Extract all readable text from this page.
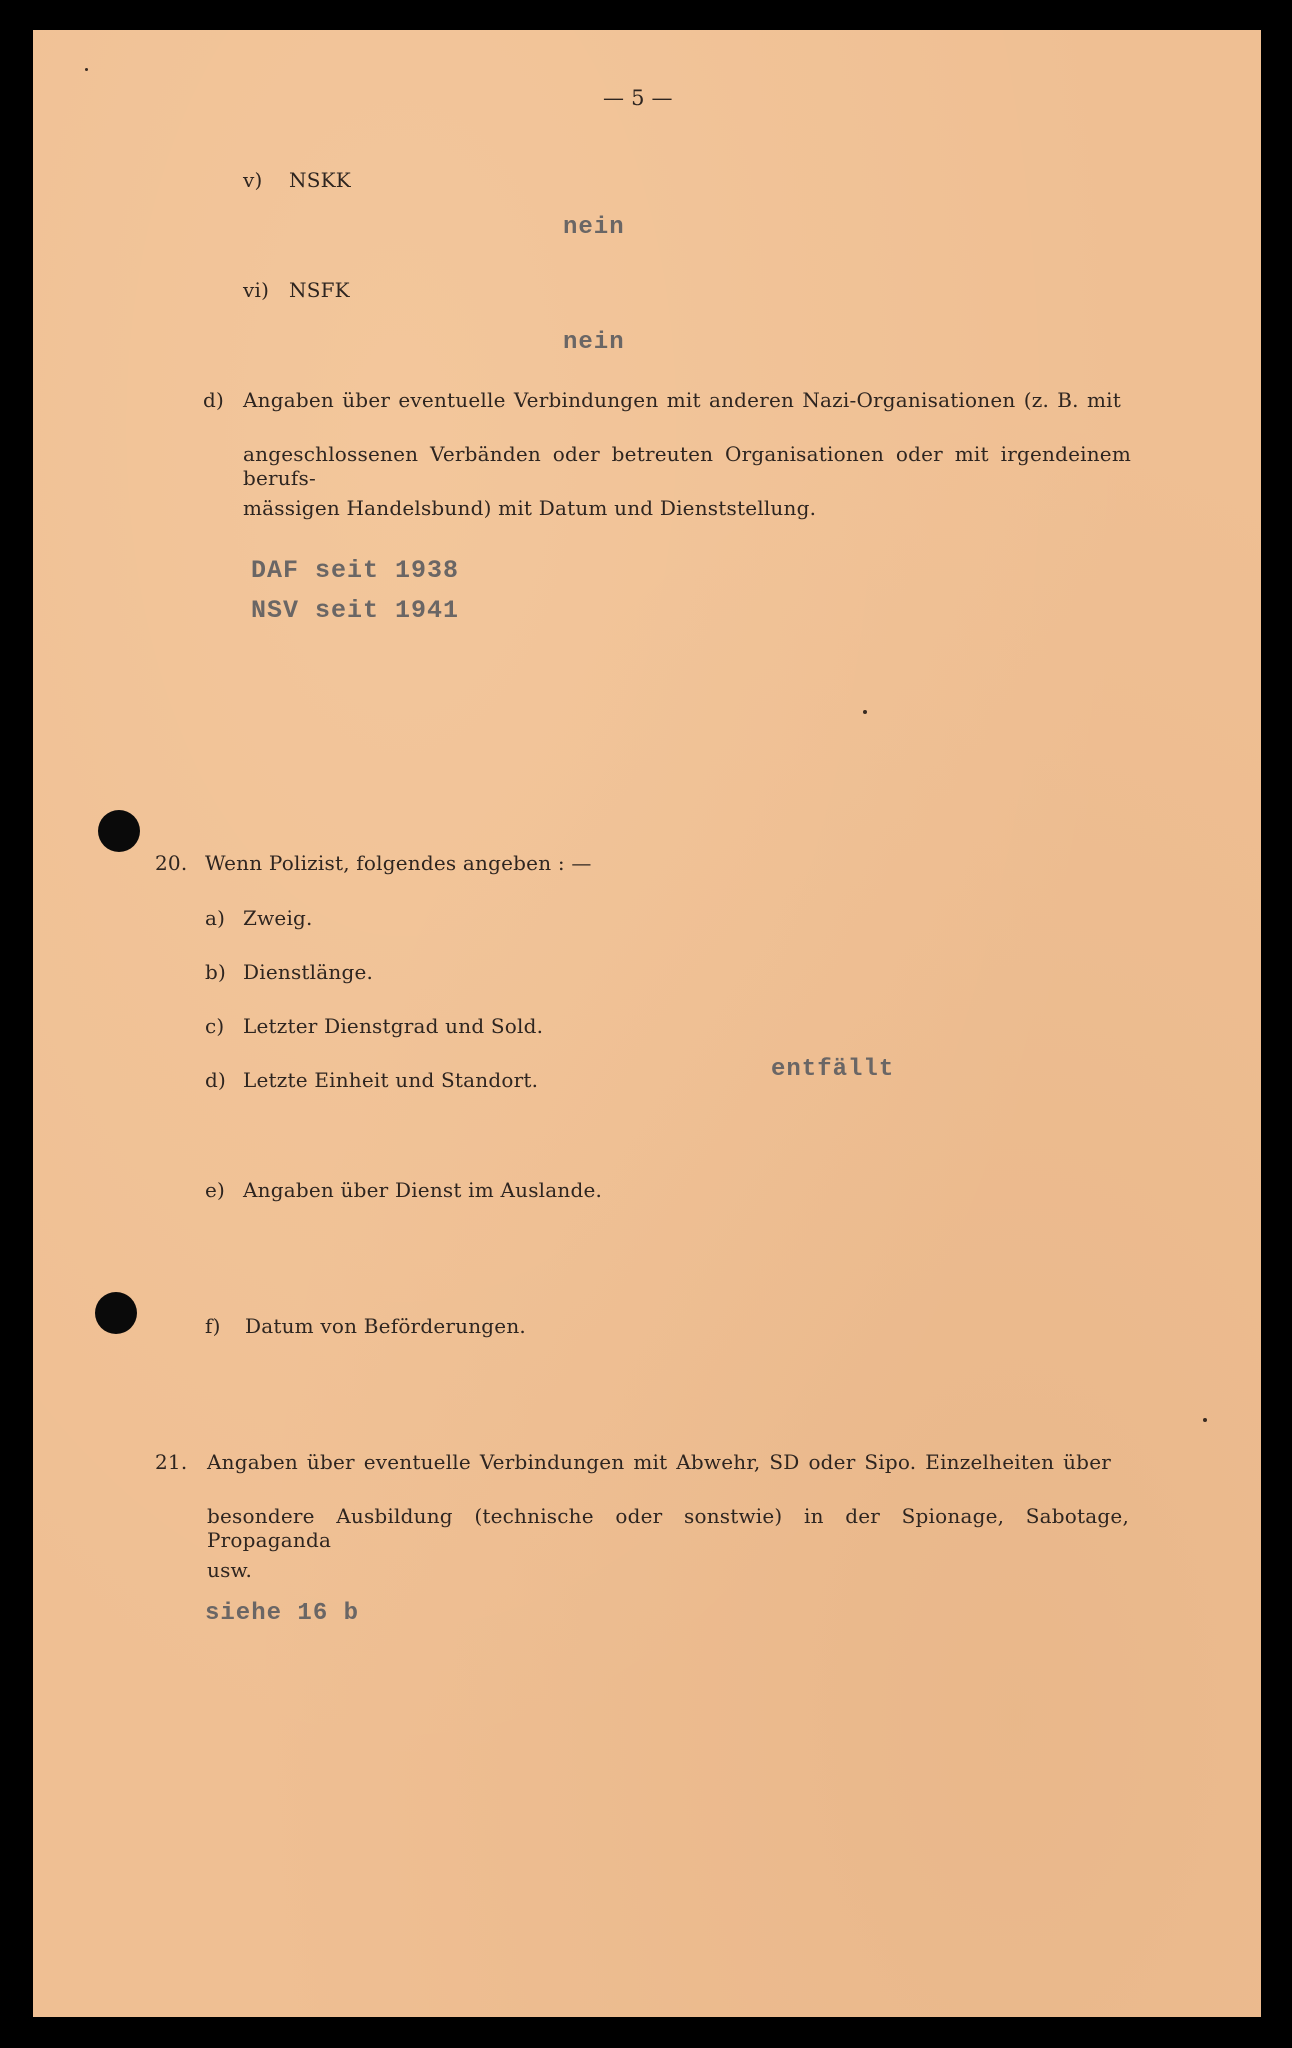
— 5 —
v) NSKK
nein
vi) NSFK
nein
d) Angaben über eventuelle Verbindungen mit anderen Nazi-Organisationen (z. B. mit
angeschlossenen Verbänden oder betreuten Organisationen oder mit irgendeinem berufs-
mässigen Handelsbund) mit Datum und Dienststellung.
DAF seit 1938
NSV seit 1941
20. Wenn Polizist, folgendes angeben : —
a) Zweig.
b) Dienstlänge.
c) Letzter Dienstgrad und Sold.
d) Letzte Einheit und Standort.	entfällt
e) Angaben über Dienst im Auslande.
f) Datum von Beförderungen.
21. Angaben über eventuelle Verbindungen mit Abwehr, SD oder Sipo. Einzelheiten über
besondere Ausbildung (technische oder sonstwie) in der Spionage, Sabotage, Propaganda
usw.
siehe 16 b
